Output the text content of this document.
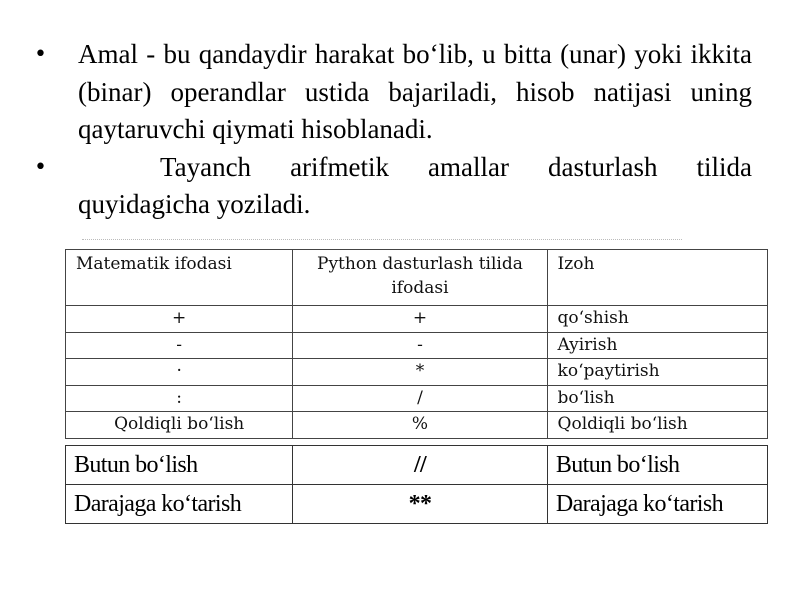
• Amal - bu qandaydir harakat bo‘lib, u bitta (unar) yoki ikkita (binar) operandlar ustida bajariladi, hisob natijasi uning qaytaruvchi qiymati hisoblanadi.
•	Tayanch arifmetik amallar dasturlash tilida quyidagicha yoziladi.
Matematik ifodasi	Python dasturlash tilida ifodasi	Izoh
+	+	qo‘shish
-	-	Ayirish
·	*	ko‘paytirish
:	/	bo‘lish
Qoldiqli bo‘lish	%	Qoldiqli bo‘lish
Butun bo‘lish	//	Butun bo‘lish
Darajaga ko‘tarish	**	Darajaga ko‘tarish
